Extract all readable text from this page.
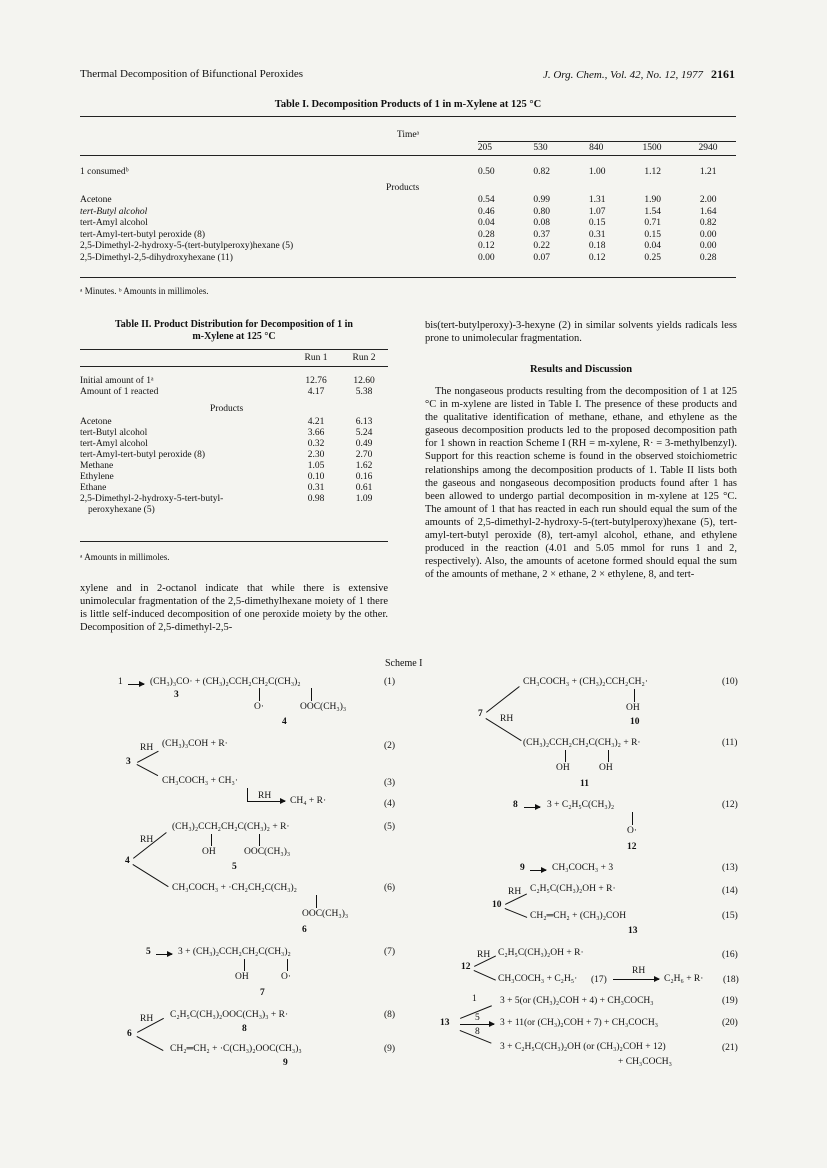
Thermal Decomposition of Bifunctional Peroxides	J. Org. Chem., Vol. 42, No. 12, 1977 2161
Table I. Decomposition Products of 1 in m-Xylene at 125 °C
	Timeᵃ
	205	530	840	1500	2940
1 consumedᵇ	0.50	0.82	1.00	1.12	1.21
Products					
Acetone	0.54	0.99	1.31	1.90	2.00
tert-Butyl alcohol	0.46	0.80	1.07	1.54	1.64
tert-Amyl alcohol	0.04	0.08	0.15	0.71	0.82
tert-Amyl-tert-butyl peroxide (8)	0.28	0.37	0.31	0.15	0.00
2,5-Dimethyl-2-hydroxy-5-(tert-butylperoxy)hexane (5)	0.12	0.22	0.18	0.04	0.00
2,5-Dimethyl-2,5-dihydroxyhexane (11)	0.00	0.07	0.12	0.25	0.28
ᵃ Minutes. ᵇ Amounts in millimoles.
Table II. Product Distribution for Decomposition of 1 in
m-Xylene at 125 °C
	Run 1	Run 2
Initial amount of 1ᵃ	12.76	12.60
Amount of 1 reacted	4.17	5.38
Products		
Acetone	4.21	6.13
tert-Butyl alcohol	3.66	5.24
tert-Amyl alcohol	0.32	0.49
tert-Amyl-tert-butyl peroxide (8)	2.30	2.70
Methane	1.05	1.62
Ethylene	0.10	0.16
Ethane	0.31	0.61
2,5-Dimethyl-2-hydroxy-5-tert-butyl-	0.98	1.09
peroxyhexane (5)		
ᵃ Amounts in millimoles.

xylene and in 2-octanol indicate that while there is extensive unimolecular fragmentation of the 2,5-dimethylhexane moiety of 1 there is little self-induced decomposition of one peroxide moiety by the other. Decomposition of 2,5-dimethyl-2,5-

bis(tert-butylperoxy)-3-hexyne (2) in similar solvents yields radicals less prone to unimolecular fragmentation.

Results and Discussion

The nongaseous products resulting from the decomposition of 1 at 125 °C in m-xylene are listed in Table I. The presence of these products and the qualitative identification of methane, ethane, and ethylene as the gaseous decomposition products led to the proposed decomposition path for 1 shown in reaction Scheme I (RH = m-xylene, R· = 3-methylbenzyl). Support for this reaction scheme is found in the observed stoichiometric relationships among the decomposition products of 1. Table II lists both the gaseous and nongaseous decomposition products found after 1 has been allowed to undergo partial decomposition in m-xylene at 125 °C. The amount of 1 that has reacted in each run should equal the sum of the amounts of 2,5-dimethyl-2-hydroxy-5-(tert-butylperoxy)hexane (5), tert-amyl-tert-butyl peroxide (8), tert-amyl alcohol, ethane, and ethylene produced in the reaction (4.01 and 5.05 mmol for runs 1 and 2, respectively). Also, the amounts of acetone formed should equal the sum of the amounts of methane, 2 × ethane, 2 × ethylene, 8, and tert-

Scheme I
1 → (CH₃)₃CO· + (CH₃)₂CCH₂CH₂C(CH₃)₂
3
O·	OOC(CH₃)₃
4
(1)
RH (CH₃)₃COH + R·	(2)
3
CH₃COCH₃ + CH₃·	(3)
RH → CH₄ + R·	(4)
(CH₃)₂CCH₂CH₂C(CH₃)₂ + R·	(5)
OH	OOC(CH₃)₃
5
RH
4
CH₃COCH₃ + ·CH₂CH₂C(CH₃)₂	(6)
OOC(CH₃)₃
6
5 → 3 + (CH₃)₂CCH₂CH₂C(CH₃)₂	(7)
OH	O·
7
RH C₂H₅C(CH₃)₂OOC(CH₃)₃ + R·	(8)
8
6
CH₂═CH₂ + ·C(CH₃)₂OOC(CH₃)₃	(9)
9
CH₃COCH₃ + (CH₃)₂CCH₂CH₂·	(10)
OH
10
7 RH
(CH₃)₂CCH₂CH₂C(CH₃)₂ + R·	(11)
OH	OH
11
8 → 3 + C₂H₅C(CH₃)₂	(12)
O·
12
9 → CH₃COCH₃ + 3	(13)
RH C₂H₅C(CH₃)₂OH + R·	(14)
10
CH₂═CH₂ + (CH₃)₂COH	(15)
13
RH C₂H₅C(CH₃)₂OH + R·	(16)
12
CH₃COCH₃ + C₂H₅· (17)
RH
→ C₂H₆ + R· (18)
1 3 + 5(or (CH₃)₂COH + 4) + CH₃COCH₃	(19)
13	5
8
3 + 11(or (CH₃)₂COH + 7) + CH₃COCH₃	(20)
3 + C₂H₅C(CH₃)₂OH (or (CH₃)₂COH + 12)	(21)
+ CH₃COCH₃
